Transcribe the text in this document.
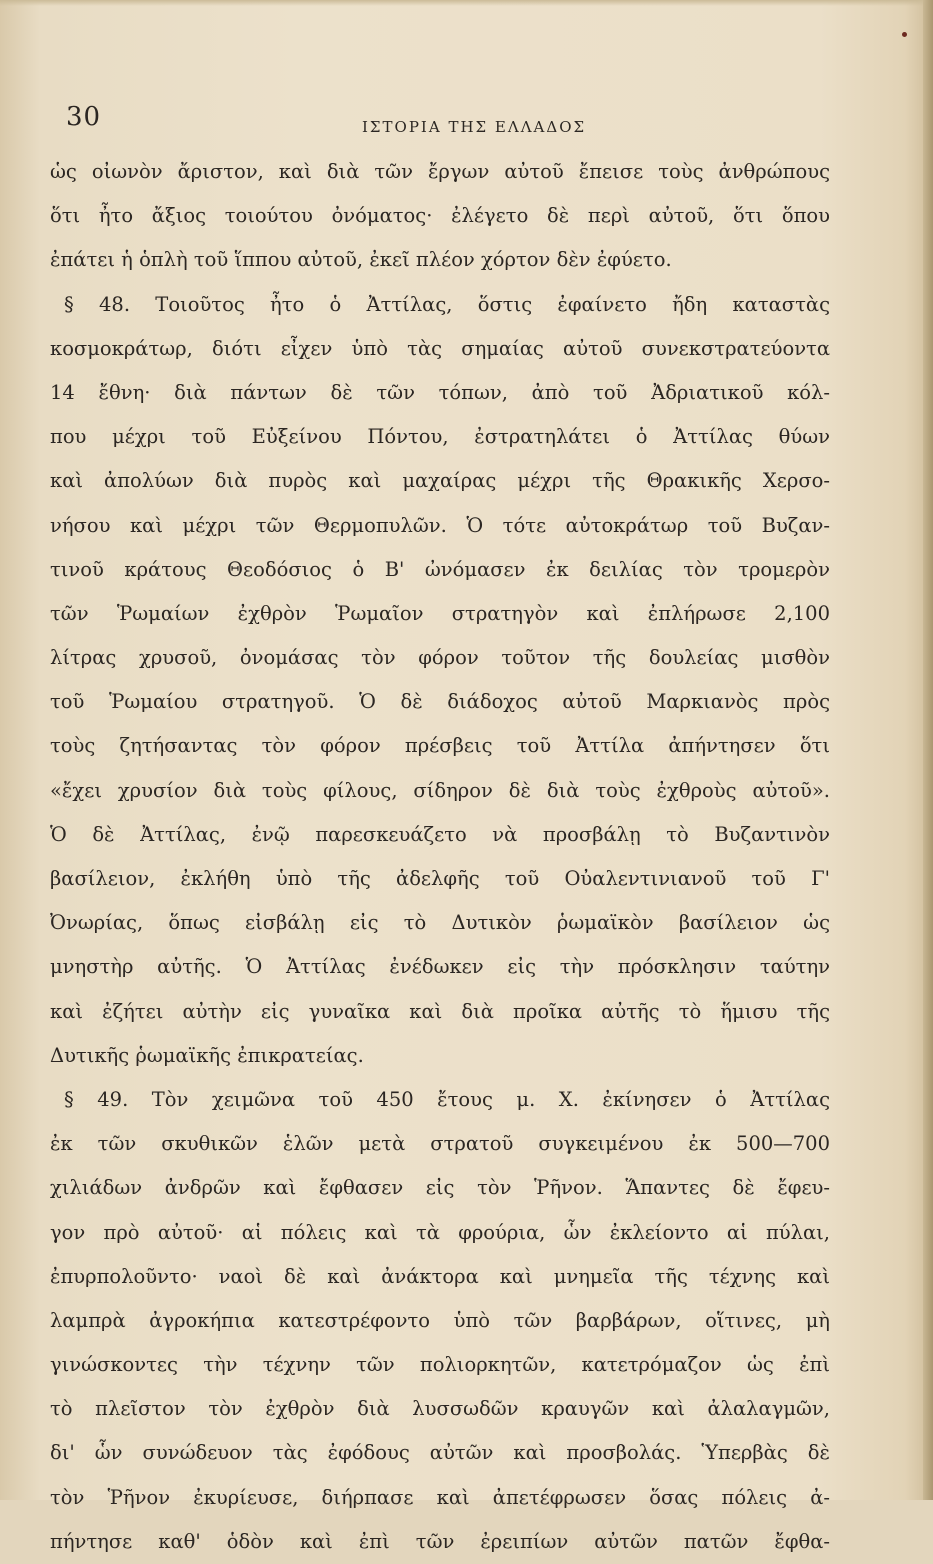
30	ΙΣΤΟΡΙΑ ΤΗΣ ΕΛΛΑΔΟΣ
ὡς οἰωνὸν ἄριστον, καὶ διὰ τῶν ἔργων αὐτοῦ ἔπεισε τοὺς ἀνθρώπους
ὅτι ἦτο ἄξιος τοιούτου ὀνόματος· ἐλέγετο δὲ περὶ αὐτοῦ, ὅτι ὅπου
ἐπάτει ἡ ὁπλὴ τοῦ ἵππου αὐτοῦ, ἐκεῖ πλέον χόρτον δὲν ἐφύετο.
§ 48. Τοιοῦτος ἦτο ὁ Ἀττίλας, ὅστις ἐφαίνετο ἤδη καταστὰς
κοσμοκράτωρ, διότι εἶχεν ὑπὸ τὰς σημαίας αὐτοῦ συνεκστρατεύοντα
14 ἔθνη· διὰ πάντων δὲ τῶν τόπων, ἀπὸ τοῦ Ἀδριατικοῦ κόλ-
που μέχρι τοῦ Εὐξείνου Πόντου, ἐστρατηλάτει ὁ Ἀττίλας θύων
καὶ ἀπολύων διὰ πυρὸς καὶ μαχαίρας μέχρι τῆς Θρακικῆς Χερσο-
νήσου καὶ μέχρι τῶν Θερμοπυλῶν. Ὁ τότε αὐτοκράτωρ τοῦ Βυζαν-
τινοῦ κράτους Θεοδόσιος ὁ Β' ὠνόμασεν ἐκ δειλίας τὸν τρομερὸν
τῶν Ῥωμαίων ἐχθρὸν Ῥωμαῖον στρατηγὸν καὶ ἐπλήρωσε 2,100
λίτρας χρυσοῦ, ὀνομάσας τὸν φόρον τοῦτον τῆς δουλείας μισθὸν
τοῦ Ῥωμαίου στρατηγοῦ. Ὁ δὲ διάδοχος αὐτοῦ Μαρκιανὸς πρὸς
τοὺς ζητήσαντας τὸν φόρον πρέσβεις τοῦ Ἀττίλα ἀπήντησεν ὅτι
«ἔχει χρυσίον διὰ τοὺς φίλους, σίδηρον δὲ διὰ τοὺς ἐχθροὺς αὐτοῦ».
Ὁ δὲ Ἀττίλας, ἐνῷ παρεσκευάζετο νὰ προσβάλῃ τὸ Βυζαντινὸν
βασίλειον, ἐκλήθη ὑπὸ τῆς ἀδελφῆς τοῦ Οὐαλεντινιανοῦ τοῦ Γ'
Ὀνωρίας, ὅπως εἰσβάλῃ εἰς τὸ Δυτικὸν ῥωμαϊκὸν βασίλειον ὡς
μνηστὴρ αὐτῆς. Ὁ Ἀττίλας ἐνέδωκεν εἰς τὴν πρόσκλησιν ταύτην
καὶ ἐζήτει αὐτὴν εἰς γυναῖκα καὶ διὰ προῖκα αὐτῆς τὸ ἥμισυ τῆς
Δυτικῆς ῥωμαϊκῆς ἐπικρατείας.
§ 49. Τὸν χειμῶνα τοῦ 450 ἔτους μ. Χ. ἐκίνησεν ὁ Ἀττίλας
ἐκ τῶν σκυθικῶν ἑλῶν μετὰ στρατοῦ συγκειμένου ἐκ 500—700
χιλιάδων ἀνδρῶν καὶ ἔφθασεν εἰς τὸν Ῥῆνον. Ἅπαντες δὲ ἔφευ-
γον πρὸ αὐτοῦ· αἱ πόλεις καὶ τὰ φρούρια, ὧν ἐκλείοντο αἱ πύλαι,
ἐπυρπολοῦντο· ναοὶ δὲ καὶ ἀνάκτορα καὶ μνημεῖα τῆς τέχνης καὶ
λαμπρὰ ἀγροκήπια κατεστρέφοντο ὑπὸ τῶν βαρβάρων, οἵτινες, μὴ
γινώσκοντες τὴν τέχνην τῶν πολιορκητῶν, κατετρόμαζον ὡς ἐπὶ
τὸ πλεῖστον τὸν ἐχθρὸν διὰ λυσσωδῶν κραυγῶν καὶ ἀλαλαγμῶν,
δι' ὧν συνώδευον τὰς ἐφόδους αὐτῶν καὶ προσβολάς. Ὑπερβὰς δὲ
τὸν Ῥῆνον ἐκυρίευσε, διήρπασε καὶ ἀπετέφρωσεν ὅσας πόλεις ἀ-
πήντησε καθ' ὁδὸν καὶ ἐπὶ τῶν ἐρειπίων αὐτῶν πατῶν ἔφθα-
